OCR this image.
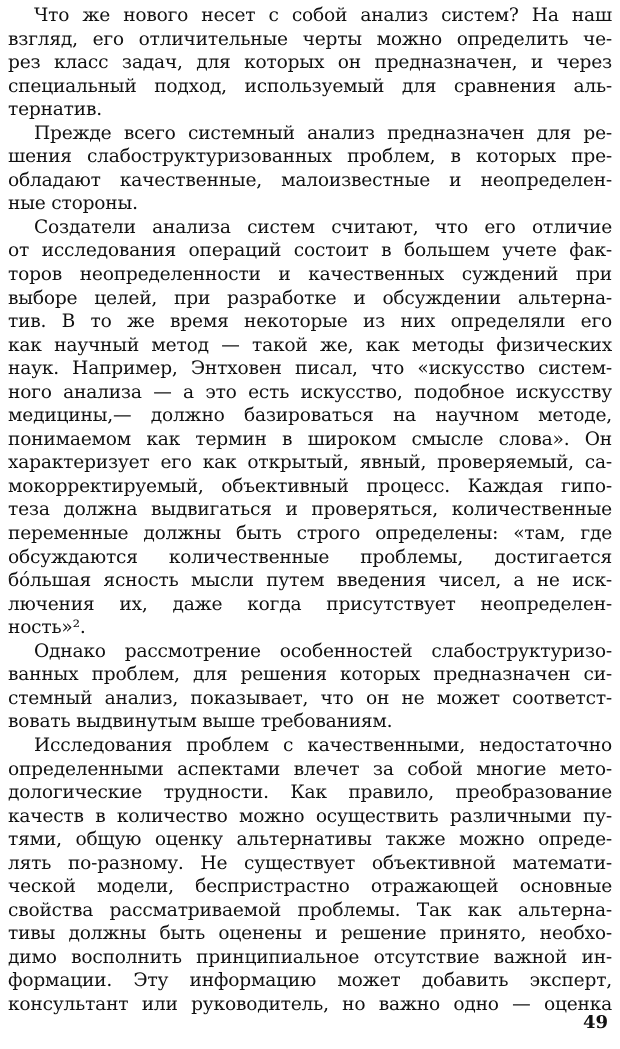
Что же нового несет с собой анализ систем? На наш
взгляд, его отличительные черты можно определить че-
рез класс задач, для которых он предназначен, и через
специальный подход, используемый для сравнения аль-
тернатив.
Прежде всего системный анализ предназначен для ре-
шения слабоструктуризованных проблем, в которых пре-
обладают качественные, малоизвестные и неопределен-
ные стороны.
Создатели анализа систем считают, что его отличие
от исследования операций состоит в большем учете фак-
торов неопределенности и качественных суждений при
выборе целей, при разработке и обсуждении альтерна-
тив. В то же время некоторые из них определяли его
как научный метод — такой же, как методы физических
наук. Например, Энтховен писал, что «искусство систем-
ного анализа — а это есть искусство, подобное искусству
медицины,— должно базироваться на научном методе,
понимаемом как термин в широком смысле слова». Он
характеризует его как открытый, явный, проверяемый, са-
мокорректируемый, объективный процесс. Каждая гипо-
теза должна выдвигаться и проверяться, количественные
переменные должны быть строго определены: «там, где
обсуждаются количественные проблемы, достигается
бо́льшая ясность мысли путем введения чисел, а не иск-
лючения их, даже когда присутствует неопределен-
ность»².
Однако рассмотрение особенностей слабоструктуризо-
ванных проблем, для решения которых предназначен си-
стемный анализ, показывает, что он не может соответст-
вовать выдвинутым выше требованиям.
Исследования проблем с качественными, недостаточно
определенными аспектами влечет за собой многие мето-
дологические трудности. Как правило, преобразование
качеств в количество можно осуществить различными пу-
тями, общую оценку альтернативы также можно опреде-
лять по-разному. Не существует объективной математи-
ческой модели, беспристрастно отражающей основные
свойства рассматриваемой проблемы. Так как альтерна-
тивы должны быть оценены и решение принято, необхо-
димо восполнить принципиальное отсутствие важной ин-
формации. Эту информацию может добавить эксперт,
консультант или руководитель, но важно одно — оценка
49
